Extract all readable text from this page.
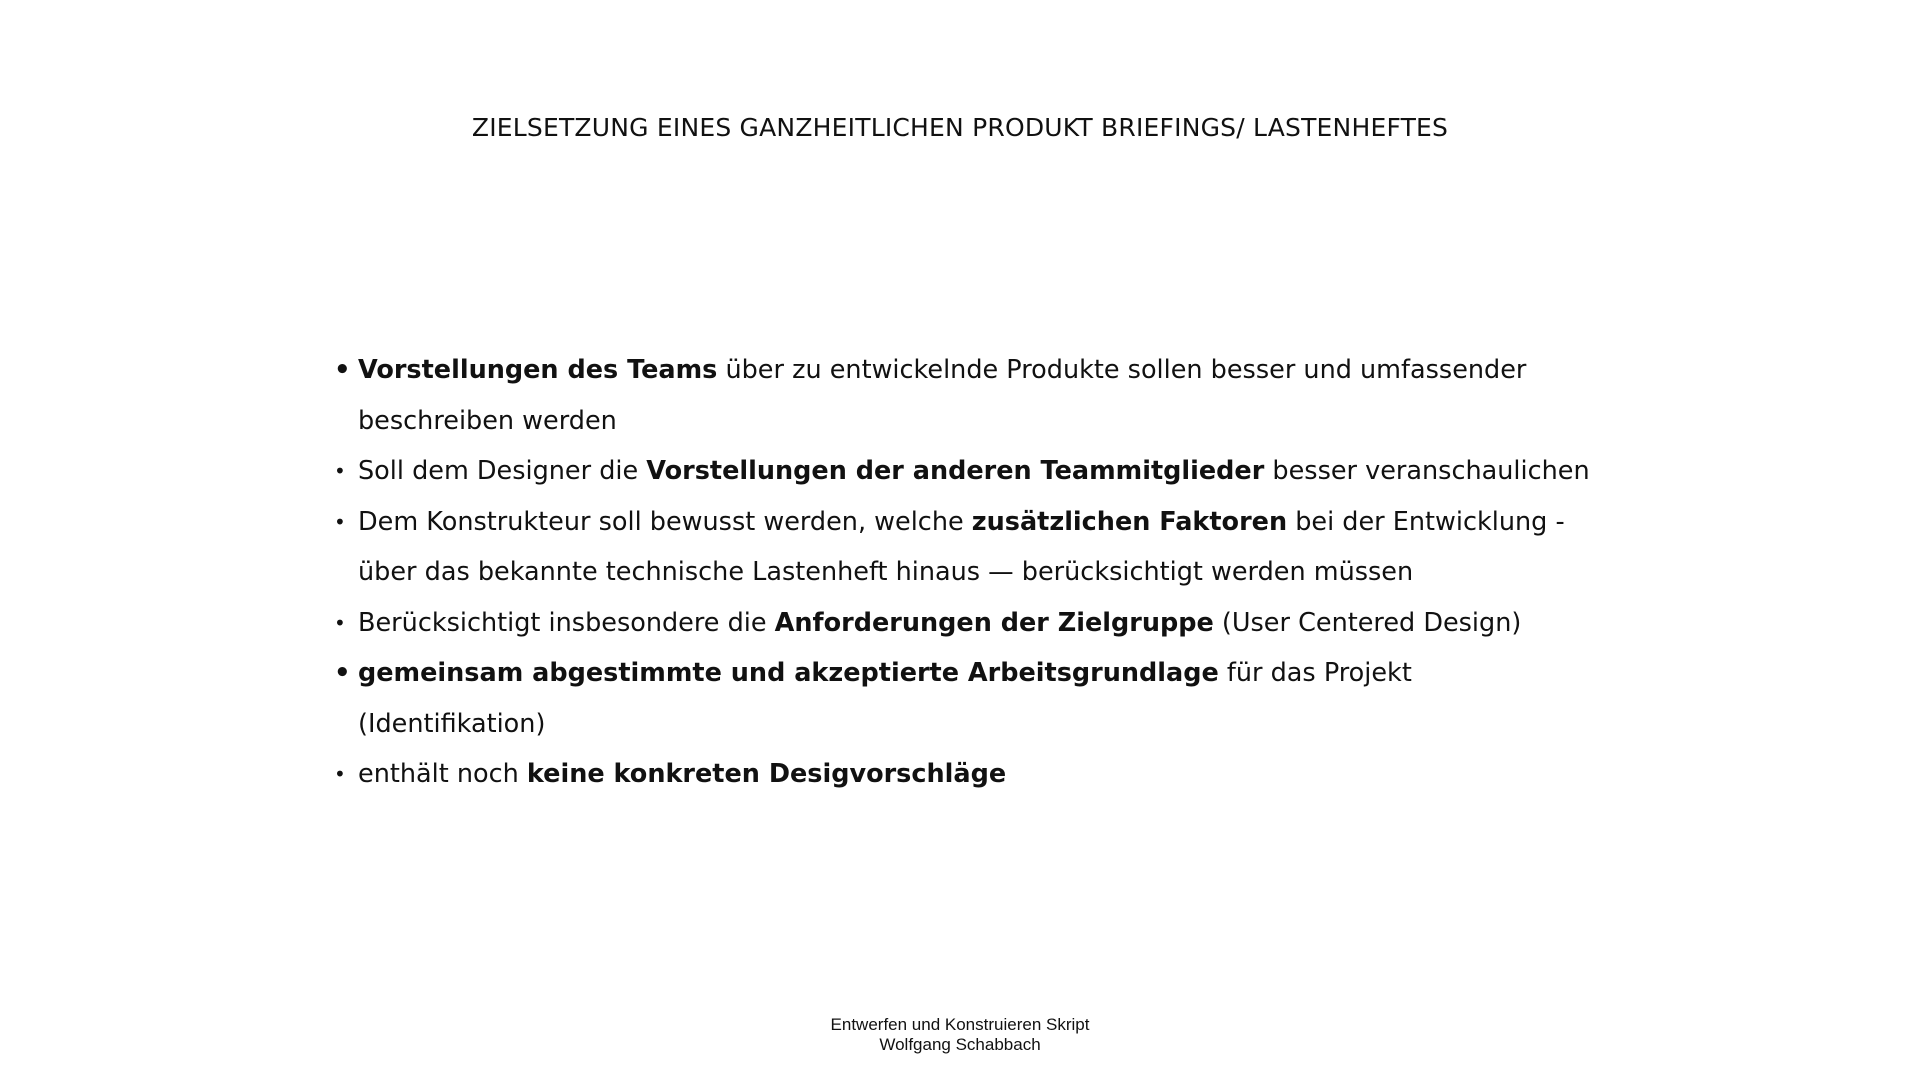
ZIELSETZUNG EINES GANZHEITLICHEN PRODUKT BRIEFINGS/ LASTENHEFTES
• Vorstellungen des Teams über zu entwickelnde Produkte sollen besser und umfassender beschreiben werden
• Soll dem Designer die Vorstellungen der anderen Teammitglieder besser veranschaulichen
• Dem Konstrukteur soll bewusst werden, welche zusätzlichen Faktoren bei der Entwicklung - über das bekannte technische Lastenheft hinaus — berücksichtigt werden müssen
• Berücksichtigt insbesondere die Anforderungen der Zielgruppe (User Centered Design)
• gemeinsam abgestimmte und akzeptierte Arbeitsgrundlage für das Projekt (Identifikation)
• enthält noch keine konkreten Desigvorschläge
Entwerfen und Konstruieren Skript
Wolfgang Schabbach
